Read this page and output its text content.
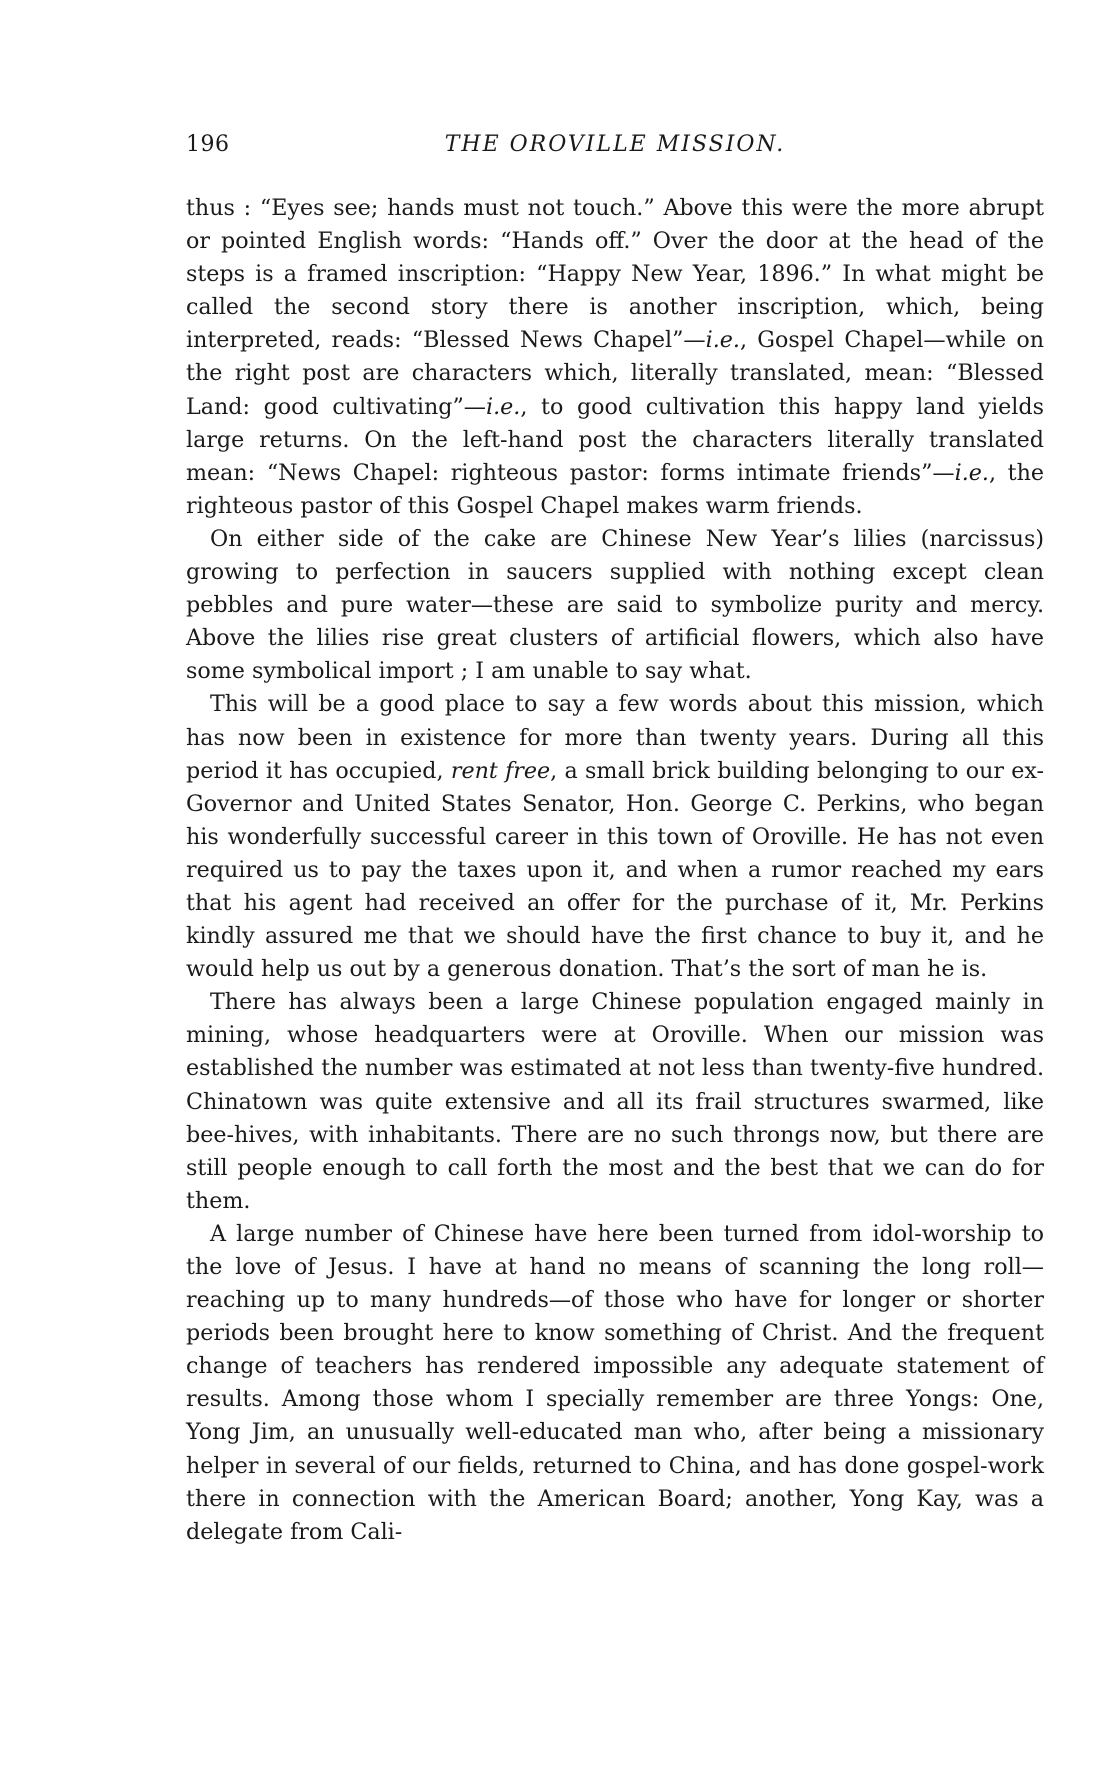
196	THE OROVILLE MISSION.

thus : “Eyes see; hands must not touch.” Above this were the more abrupt or pointed English words: “Hands off.” Over the door at the head of the steps is a framed inscription: “Happy New Year, 1896.” In what might be called the second story there is another inscription, which, being interpreted, reads: “Blessed News Chapel”—i.e., Gospel Chapel—while on the right post are characters which, literally translated, mean: “Blessed Land: good cultivating”—i.e., to good cultivation this happy land yields large returns. On the left-hand post the characters literally translated mean: “News Chapel: righteous pastor: forms intimate friends”—i.e., the righteous pastor of this Gospel Chapel makes warm friends.

On either side of the cake are Chinese New Year’s lilies (narcissus) growing to perfection in saucers supplied with nothing except clean pebbles and pure water—these are said to symbolize purity and mercy. Above the lilies rise great clusters of artificial flowers, which also have some symbolical import ; I am unable to say what.

This will be a good place to say a few words about this mission, which has now been in existence for more than twenty years. During all this period it has occupied, rent free, a small brick building belonging to our ex-Governor and United States Senator, Hon. George C. Perkins, who began his wonderfully successful career in this town of Oroville. He has not even required us to pay the taxes upon it, and when a rumor reached my ears that his agent had received an offer for the purchase of it, Mr. Perkins kindly assured me that we should have the first chance to buy it, and he would help us out by a generous donation. That’s the sort of man he is.

There has always been a large Chinese population engaged mainly in mining, whose headquarters were at Oroville. When our mission was established the number was estimated at not less than twenty-five hundred. Chinatown was quite extensive and all its frail structures swarmed, like bee-hives, with inhabitants. There are no such throngs now, but there are still people enough to call forth the most and the best that we can do for them.

A large number of Chinese have here been turned from idol-worship to the love of Jesus. I have at hand no means of scanning the long roll—reaching up to many hundreds—of those who have for longer or shorter periods been brought here to know something of Christ. And the frequent change of teachers has rendered impossible any adequate statement of results. Among those whom I specially remember are three Yongs: One, Yong Jim, an unusually well-educated man who, after being a missionary helper in several of our fields, returned to China, and has done gospel-work there in connection with the American Board; another, Yong Kay, was a delegate from Cali-
